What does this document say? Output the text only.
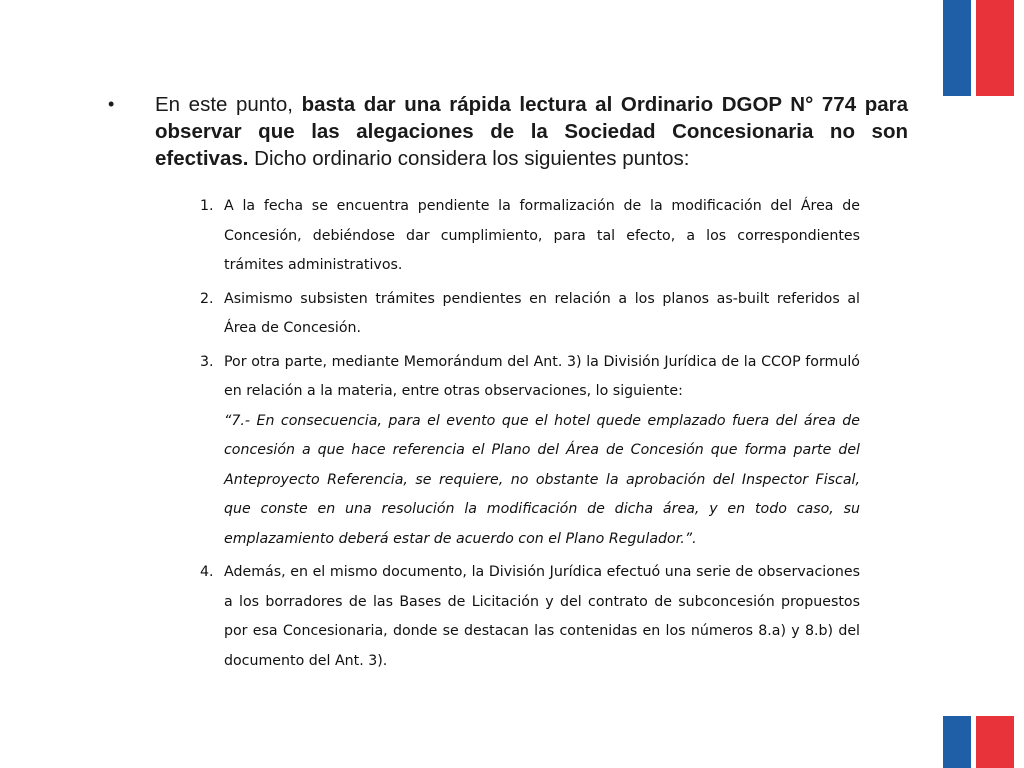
•	En este punto, basta dar una rápida lectura al Ordinario DGOP N° 774 para observar que las alegaciones de la Sociedad Concesionaria no son efectivas. Dicho ordinario considera los siguientes puntos:
1. A la fecha se encuentra pendiente la formalización de la modificación del Área de Concesión, debiéndose dar cumplimiento, para tal efecto, a los correspondientes trámites administrativos.
2. Asimismo subsisten trámites pendientes en relación a los planos as-built referidos al Área de Concesión.
3. Por otra parte, mediante Memorándum del Ant. 3) la División Jurídica de la CCOP formuló en relación a la materia, entre otras observaciones, lo siguiente:
“7.- En consecuencia, para el evento que el hotel quede emplazado fuera del área de concesión a que hace referencia el Plano del Área de Concesión que forma parte del Anteproyecto Referencia, se requiere, no obstante la aprobación del Inspector Fiscal, que conste en una resolución la modificación de dicha área, y en todo caso, su emplazamiento deberá estar de acuerdo con el Plano Regulador.”.
4. Además, en el mismo documento, la División Jurídica efectuó una serie de observaciones a los borradores de las Bases de Licitación y del contrato de subconcesión propuestos por esa Concesionaria, donde se destacan las contenidas en los números 8.a) y 8.b) del documento del Ant. 3).
